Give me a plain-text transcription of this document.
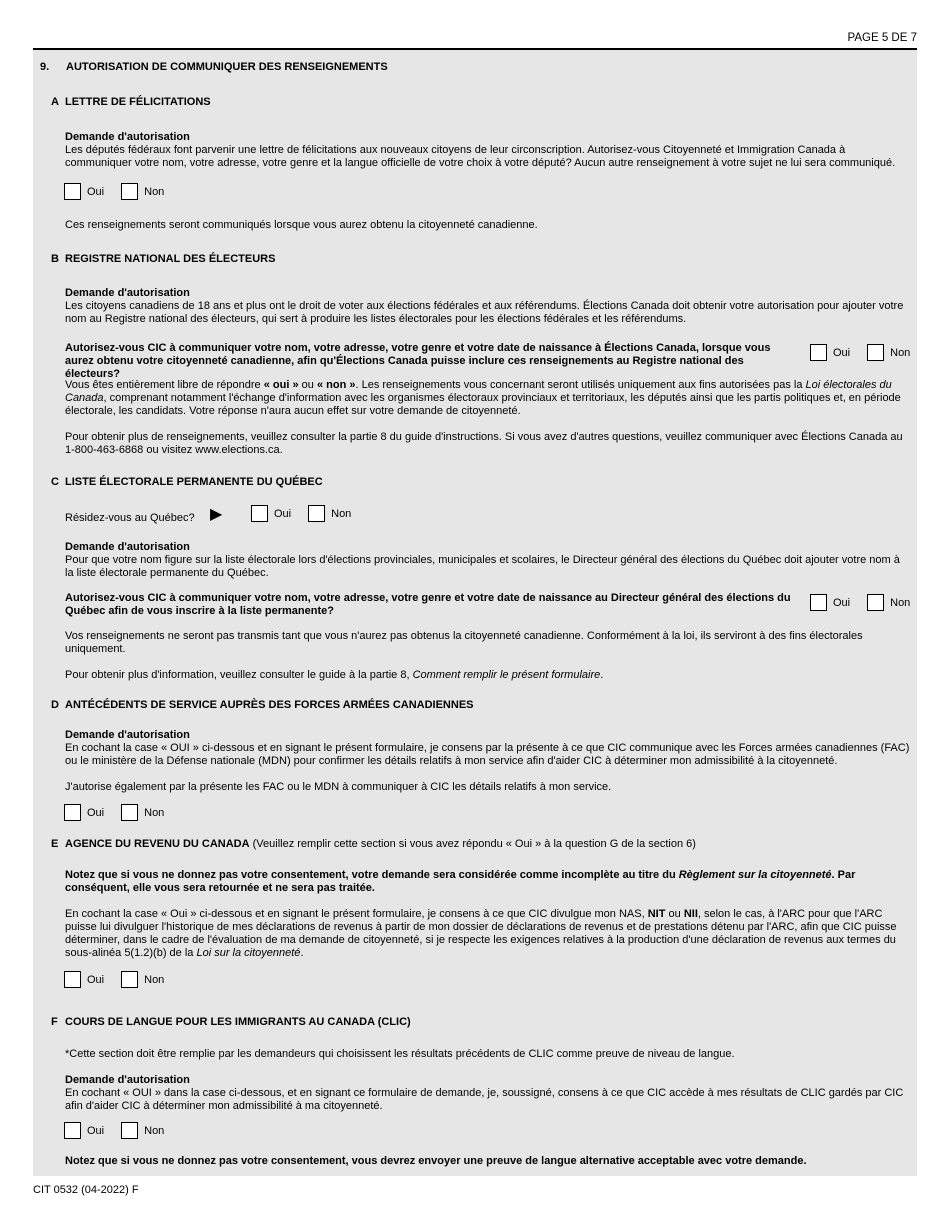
PAGE 5 DE 7
9. AUTORISATION DE COMMUNIQUER DES RENSEIGNEMENTS
A LETTRE DE FÉLICITATIONS

Demande d'autorisation

Les députés fédéraux font parvenir une lettre de félicitations aux nouveaux citoyens de leur circonscription. Autorisez-vous Citoyenneté et Immigration Canada à communiquer votre nom, votre adresse, votre genre et la langue officielle de votre choix à votre député? Aucun autre renseignement à votre sujet ne lui sera communiqué.

Oui	Non

Ces renseignements seront communiqués lorsque vous aurez obtenu la citoyenneté canadienne.

B REGISTRE NATIONAL DES ÉLECTEURS

Demande d'autorisation

Les citoyens canadiens de 18 ans et plus ont le droit de voter aux élections fédérales et aux référendums. Élections Canada doit obtenir votre autorisation pour ajouter votre nom au Registre national des électeurs, qui sert à produire les listes électorales pour les élections fédérales et les référendums.

Autorisez-vous CIC à communiquer votre nom, votre adresse, votre genre et votre date de naissance à Élections Canada, lorsque vous aurez obtenu votre citoyenneté canadienne, afin qu'Élections Canada puisse inclure ces renseignements au Registre national des électeurs?

Oui	Non

Vous êtes entièrement libre de répondre « oui » ou « non ». Les renseignements vous concernant seront utilisés uniquement aux fins autorisées pas la Loi électorales du Canada, comprenant notamment l'échange d'information avec les organismes électoraux provinciaux et territoriaux, les députés ainsi que les partis politiques et, en période électorale, les candidats. Votre réponse n'aura aucun effet sur votre demande de citoyenneté.

Pour obtenir plus de renseignements, veuillez consulter la partie 8 du guide d'instructions. Si vous avez d'autres questions, veuillez communiquer avec Élections Canada au 1-800-463-6868 ou visitez www.elections.ca.

C LISTE ÉLECTORALE PERMANENTE DU QUÉBEC

Résidez-vous au Québec? ▶	Oui	Non

Demande d'autorisation

Pour que votre nom figure sur la liste électorale lors d'élections provinciales, municipales et scolaires, le Directeur général des élections du Québec doit ajouter votre nom à la liste électorale permanente du Québec.

Autorisez-vous CIC à communiquer votre nom, votre adresse, votre genre et votre date de naissance au Directeur général des élections du Québec afin de vous inscrire à la liste permanente?

Oui	Non

Vos renseignements ne seront pas transmis tant que vous n'aurez pas obtenus la citoyenneté canadienne. Conformément à la loi, ils serviront à des fins électorales uniquement.

Pour obtenir plus d'information, veuillez consulter le guide à la partie 8, Comment remplir le présent formulaire.

D ANTÉCÉDENTS DE SERVICE AUPRÈS DES FORCES ARMÉES CANADIENNES

Demande d'autorisation

En cochant la case « OUI » ci-dessous et en signant le présent formulaire, je consens par la présente à ce que CIC communique avec les Forces armées canadiennes (FAC) ou le ministère de la Défense nationale (MDN) pour confirmer les détails relatifs à mon service afin d'aider CIC à déterminer mon admissibilité à la citoyenneté.

J'autorise également par la présente les FAC ou le MDN à communiquer à CIC les détails relatifs à mon service.

Oui	Non
E AGENCE DU REVENU DU CANADA (Veuillez remplir cette section si vous avez répondu « Oui » à la question G de la section 6)

Notez que si vous ne donnez pas votre consentement, votre demande sera considérée comme incomplète au titre du Règlement sur la citoyenneté. Par conséquent, elle vous sera retournée et ne sera pas traitée.

En cochant la case « Oui » ci-dessous et en signant le présent formulaire, je consens à ce que CIC divulgue mon NAS, NIT ou NII, selon le cas, à l'ARC pour que l'ARC puisse lui divulguer l'historique de mes déclarations de revenus à partir de mon dossier de déclarations de revenus et de prestations détenu par l'ARC, afin que CIC puisse déterminer, dans le cadre de l'évaluation de ma demande de citoyenneté, si je respecte les exigences relatives à la production d'une déclaration de revenus aux termes du sous-alinéa 5(1.2)(b) de la Loi sur la citoyenneté.

Oui	Non
F COURS DE LANGUE POUR LES IMMIGRANTS AU CANADA (CLIC)

*Cette section doit être remplie par les demandeurs qui choisissent les résultats précédents de CLIC comme preuve de niveau de langue.

Demande d'autorisation

En cochant « OUI » dans la case ci-dessous, et en signant ce formulaire de demande, je, soussigné, consens à ce que CIC accède à mes résultats de CLIC gardés par CIC afin d'aider CIC à déterminer mon admissibilité à ma citoyenneté.

Oui	Non

Notez que si vous ne donnez pas votre consentement, vous devrez envoyer une preuve de langue alternative acceptable avec votre demande.

CIT 0532 (04-2022) F
